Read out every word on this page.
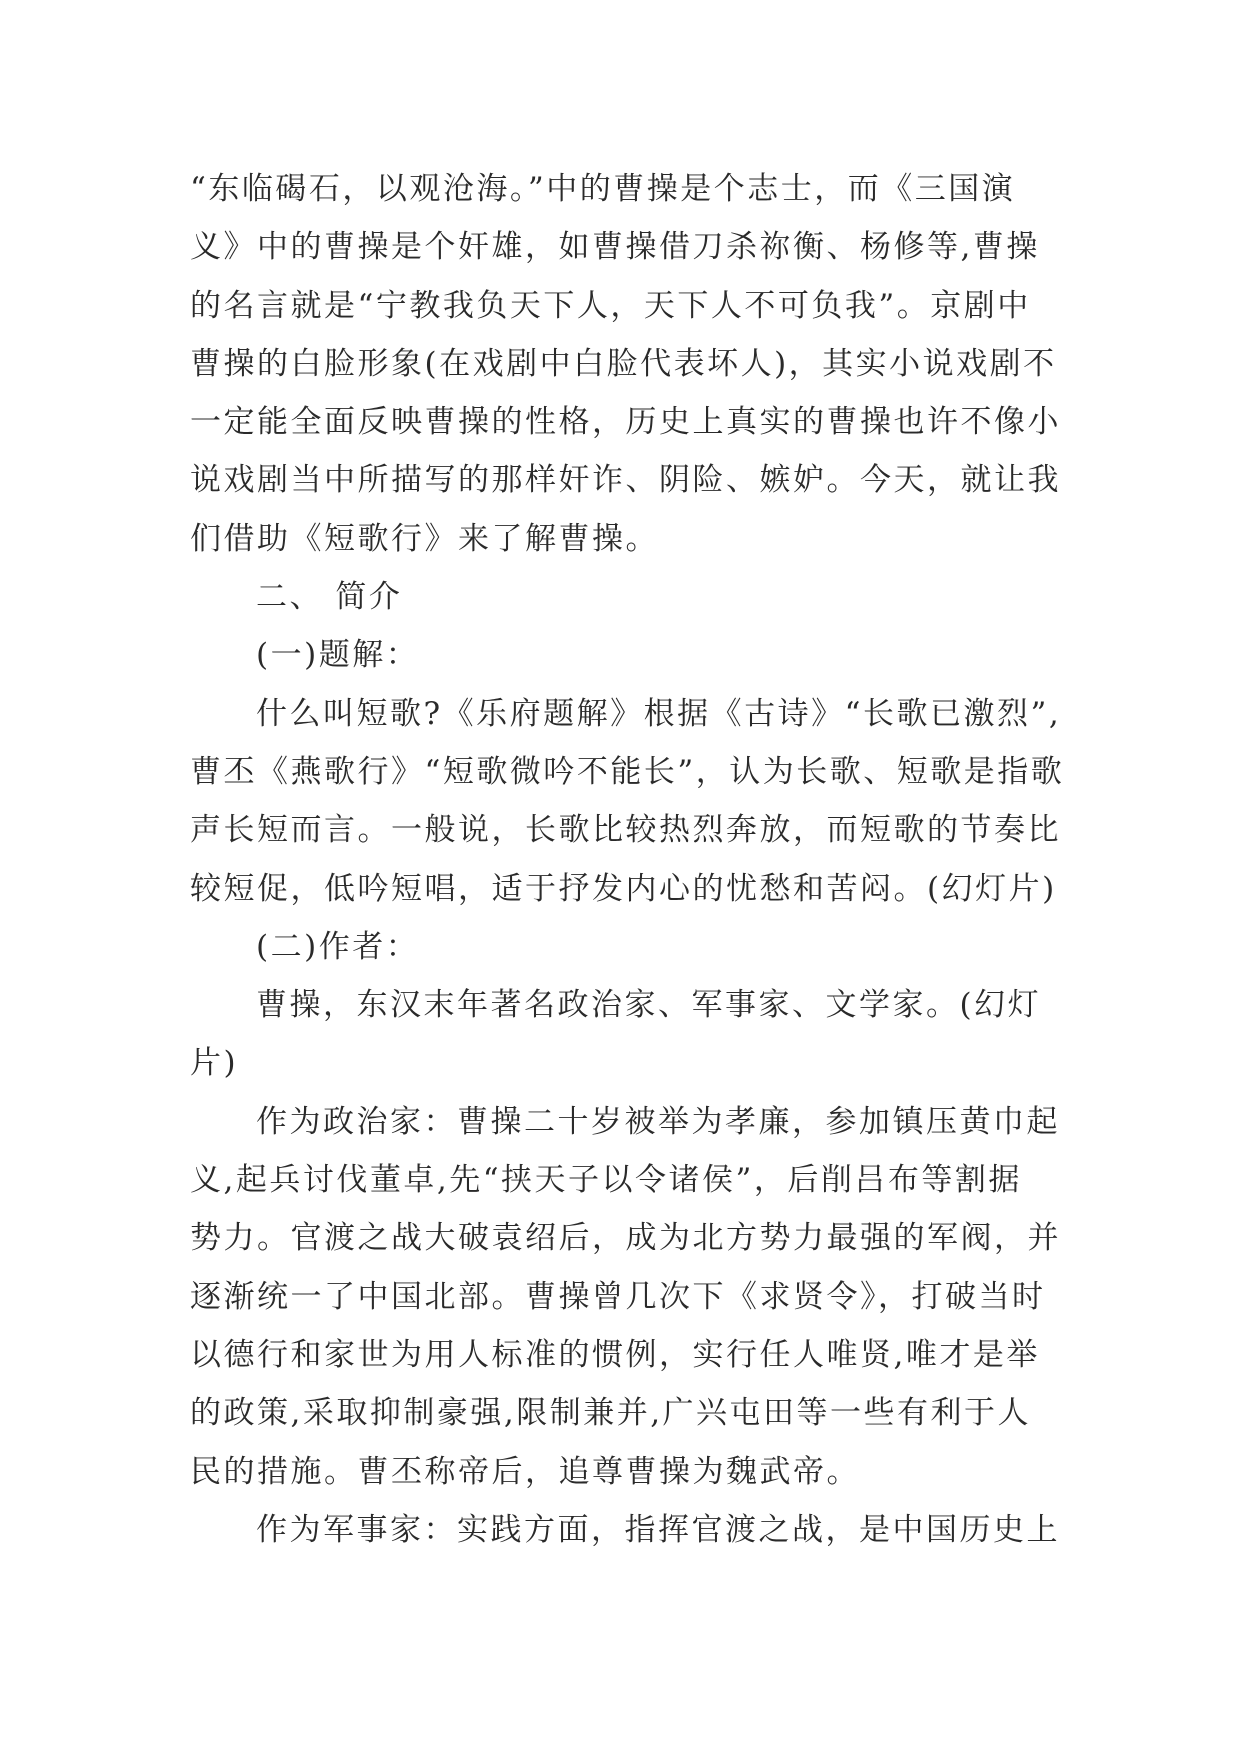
“东临碣石，以观沧海。”中的曹操是个志士，而《三国演
义》中的曹操是个奸雄，如曹操借刀杀祢衡、杨修等,曹操
的名言就是“宁教我负天下人，天下人不可负我”。京剧中
曹操的白脸形象(在戏剧中白脸代表坏人)，其实小说戏剧不
一定能全面反映曹操的性格，历史上真实的曹操也许不像小
说戏剧当中所描写的那样奸诈、阴险、嫉妒。今天，就让我
们借助《短歌行》来了解曹操。
二、 简介
(一)题解：
什么叫短歌?《乐府题解》根据《古诗》“长歌已激烈”,
曹丕《燕歌行》“短歌微吟不能长”，认为长歌、短歌是指歌
声长短而言。一般说，长歌比较热烈奔放，而短歌的节奏比
较短促，低吟短唱，适于抒发内心的忧愁和苦闷。(幻灯片)
(二)作者：
曹操，东汉末年著名政治家、军事家、文学家。(幻灯
片)
作为政治家：曹操二十岁被举为孝廉，参加镇压黄巾起
义,起兵讨伐董卓,先“挟天子以令诸侯”，后削吕布等割据
势力。官渡之战大破袁绍后，成为北方势力最强的军阀，并
逐渐统一了中国北部。曹操曾几次下《求贤令》，打破当时
以德行和家世为用人标准的惯例，实行任人唯贤,唯才是举
的政策,采取抑制豪强,限制兼并,广兴屯田等一些有利于人
民的措施。曹丕称帝后，追尊曹操为魏武帝。
作为军事家：实践方面，指挥官渡之战，是中国历史上
